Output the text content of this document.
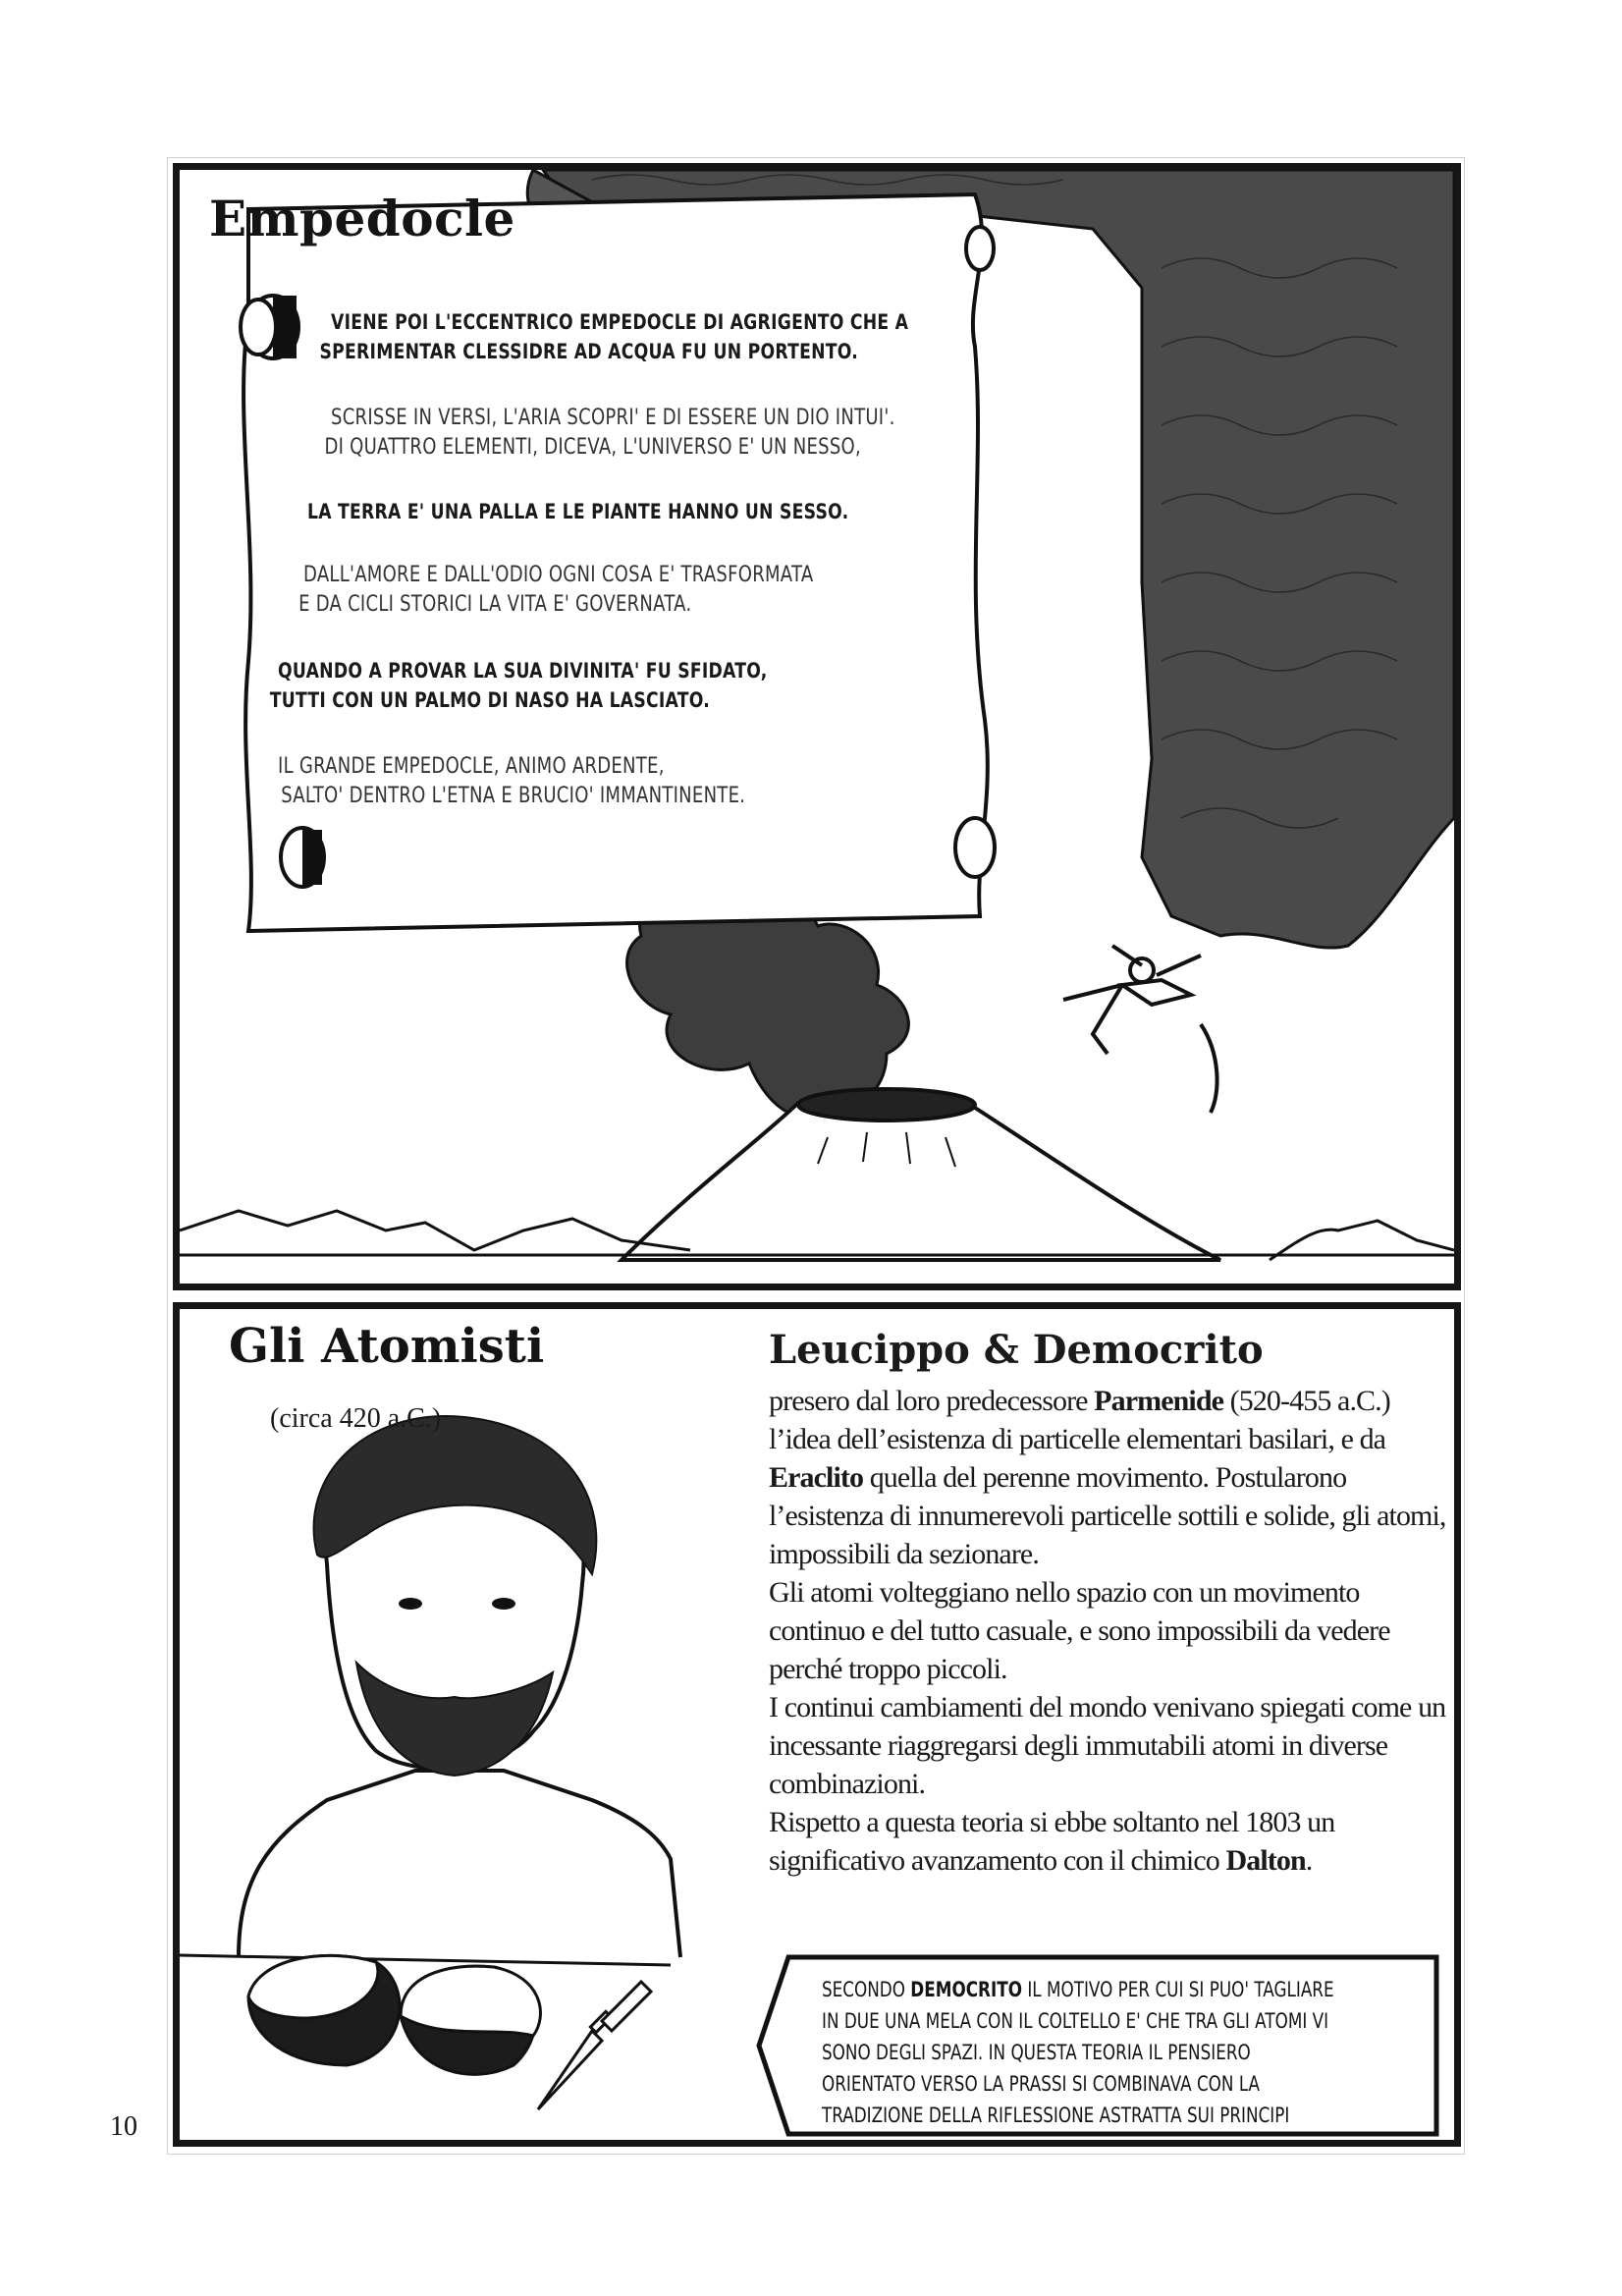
Empedocle
VIENE POI L'ECCENTRICO EMPEDOCLE DI AGRIGENTO CHE A
SPERIMENTAR CLESSIDRE AD ACQUA FU UN PORTENTO.
SCRISSE IN VERSI, L'ARIA SCOPRI' E DI ESSERE UN DIO INTUI'.
DI QUATTRO ELEMENTI, DICEVA, L'UNIVERSO E' UN NESSO,
LA TERRA E' UNA PALLA E LE PIANTE HANNO UN SESSO.
DALL'AMORE E DALL'ODIO OGNI COSA E' TRASFORMATA
E DA CICLI STORICI LA VITA E' GOVERNATA.
QUANDO A PROVAR LA SUA DIVINITA' FU SFIDATO,
TUTTI CON UN PALMO DI NASO HA LASCIATO.
IL GRANDE EMPEDOCLE, ANIMO ARDENTE,
SALTO' DENTRO L'ETNA E BRUCIO' IMMANTINENTE.
Gli Atomisti
(circa 420 a.C.)
Leucippo & Democrito

presero dal loro predecessore Parmenide (520-455 a.C.) l’idea dell’esistenza di particelle elementari basilari, e da Eraclito quella del perenne movimento. Postularono l’esistenza di innumerevoli particelle sottili e solide, gli atomi, impossibili da sezionare.

Gli atomi volteggiano nello spazio con un movimento continuo e del tutto casuale, e sono impossibili da vedere perché troppo piccoli.

I continui cambiamenti del mondo venivano spiegati come un incessante riaggregarsi degli immutabili atomi in diverse combinazioni.

Rispetto a questa teoria si ebbe soltanto nel 1803 un significativo avanzamento con il chimico Dalton.

SECONDO DEMOCRITO IL MOTIVO PER CUI SI PUO' TAGLIARE
IN DUE UNA MELA CON IL COLTELLO E' CHE TRA GLI ATOMI VI
SONO DEGLI SPAZI. IN QUESTA TEORIA IL PENSIERO
ORIENTATO VERSO LA PRASSI SI COMBINAVA CON LA
TRADIZIONE DELLA RIFLESSIONE ASTRATTA SUI PRINCIPI
10
